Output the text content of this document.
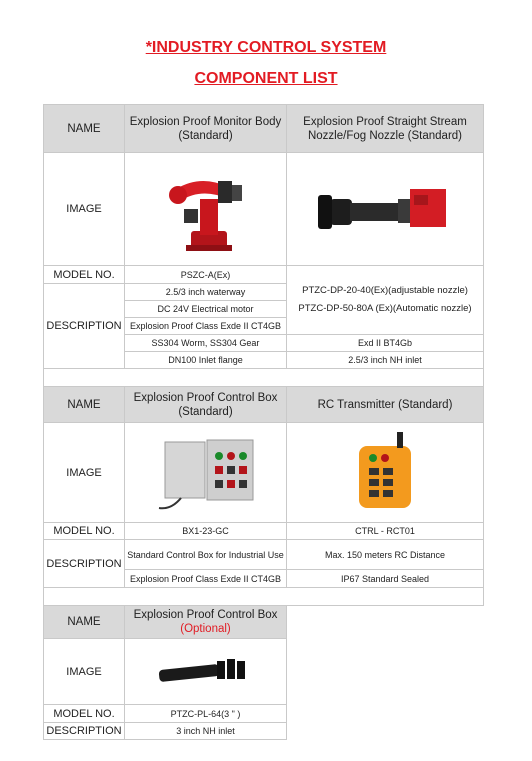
*INDUSTRY CONTROL SYSTEM
COMPONENT LIST
NAME	Explosion Proof Monitor Body (Standard)	Explosion Proof Straight Stream Nozzle/Fog Nozzle (Standard)
IMAGE	

MODEL NO.	PSZC-A(Ex)	PTZC-DP-20-40(Ex)(adjustable nozzle)
PTZC-DP-50-80A (Ex)(Automatic nozzle)

DESCRIPTION	2.5/3 inch waterway	
	DC 24V Electrical motor	
	Explosion Proof Class Exde II CT4GB	
	SS304 Worm, SS304 Gear	Exd II BT4Gb
	DN100 Inlet flange	2.5/3 inch NH inlet

NAME	Explosion Proof Control Box (Standard)	RC Transmitter (Standard)
IMAGE	

MODEL NO.	BX1-23-GC	CTRL - RCT01
DESCRIPTION	Standard Control Box for Industrial Use	Max. 150 meters RC Distance
	Explosion Proof Class Exde II CT4GB	IP67 Standard Sealed

NAME	Explosion Proof Control Box
(Optional)	

IMAGE	

MODEL NO.	PTZC-PL-64(3 " )	
DESCRIPTION	3 inch NH inlet	
